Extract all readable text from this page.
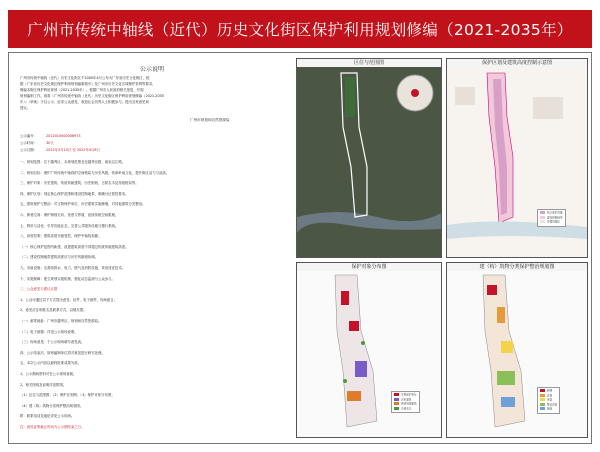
广州市传统中轴线（近代）历史文化街区保护利用规划修编（2021-2035年）
公示说明
广州市传统中轴线（近代）历史文化街区于2000年4月公布为广东省历史文化街区，根
据《广东省历史文化街区保护利用规划编制指引》及广州市历史文化名城保护条例等要求，
修编本街区保护利用规划（2021-2035年）。根据广州市人民政府相关批复，开展
规划编制工作。现将《广州市传统中轴线（近代）历史文化街区保护利用规划修编（2021-2035
年）》（草案）予以公示，征求公众意见，欢迎社会各界人士积极参与，提出宝贵意见和
建议。
广州市规划和自然资源局
公示编号：	2022010000006973
公示时间：	30天
公示日期：	2022年3月10日 至 2022年4月8日
一、规划范围：位于越秀区，本规划范围北至越秀北路，南至沿江路。
二、规划目标：保护广州传统中轴线的空间格局与历史风貌，传承岭南文化，提升街区活力与品质。
三、保护对象：历史建筑、传统风貌建筑、历史街巷、古树名木及传统格局等。
四、保护区划：划定核心保护范围和建设控制地带，明确分区管控要求。
五、建筑保护与整治：对文物保护单位、历史建筑实施修缮，对其他建筑分类整治。
六、街巷空间：保护街巷走向、宽度与界面，延续传统空间肌理。
七、利用与活化：引导功能业态，完善公共服务设施与慢行系统。
八、高度控制：建筑高度分级管控，保护中轴线视廊。
（一）核心保护范围内新建、改建建筑高度不得超过传统风貌建筑高度。
（二）建设控制地带建筑高度应与历史风貌相协调。
九、市政设施：完善给排水、电力、燃气及消防设施，采用适宜技术。
十、实施保障：建立规划实施机制，强化动态监测与公众参与。
三、公众意见与建议反馈
1、公众可通过以下方式提出意见：信件、电子邮件、现场留言。
2、意见应注明姓名及联系方式，以便反馈。
（一）邮寄地址：广州市越秀区，规划和自然资源局。
（二）电子邮箱：详见公示现场说明。
（三）现场意见：于公示现场填写意见表。
四、公示结束后，规划编制单位将对意见进行研究处理。
五、本次公示内容以最终批准成果为准。
1、公示期间资料可在公示现场查阅。
2、相关图则及说明详见附图。
（1）区位与范围图；（2）保护区划图；（3）保护对象分布图；
（4）建（构）筑物分类保护整治规划图。
附：联系电话及地址详见公示现场。
注：意见征集截止时间为公示期结束之日。
区位与范围图	保护区划及建筑高度控制示意图
核心保护范围
建设控制地带
环境协调区
保护对象分布图
文物保护单位
历史建筑
传统风貌建筑
古树名木
建（构）筑物分类保护整治规划图
修缮
改善
保留
整治改造
拆除
